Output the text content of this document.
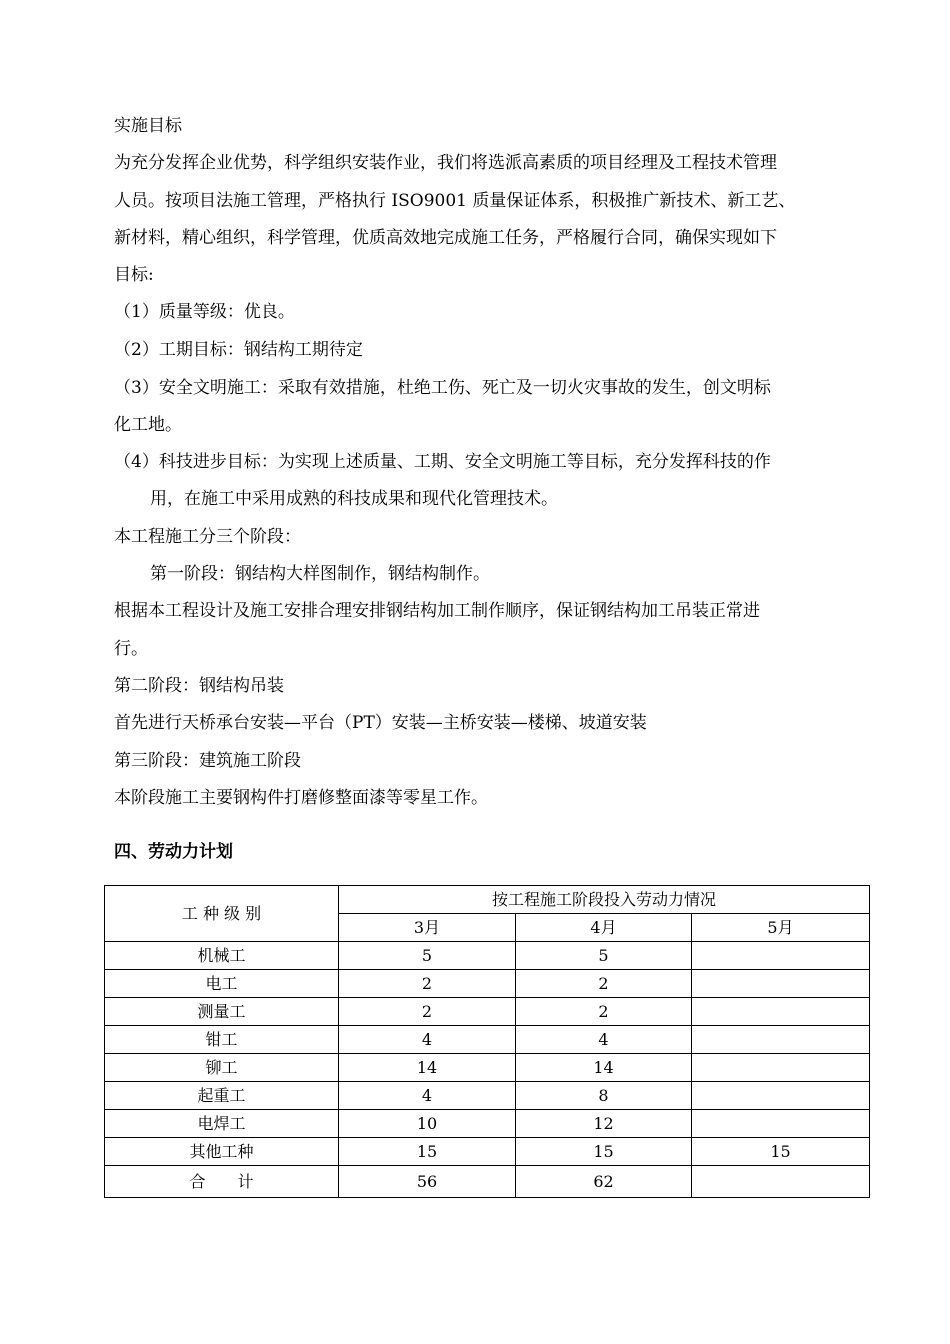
实施目标
为充分发挥企业优势，科学组织安装作业，我们将选派高素质的项目经理及工程技术管理
人员。按项目法施工管理，严格执行 ISO9001 质量保证体系，积极推广新技术、新工艺、
新材料，精心组织，科学管理，优质高效地完成施工任务，严格履行合同，确保实现如下
目标:
（1）质量等级：优良。
（2）工期目标：钢结构工期待定
（3）安全文明施工：采取有效措施，杜绝工伤、死亡及一切火灾事故的发生，创文明标
化工地。
（4）科技进步目标：为实现上述质量、工期、安全文明施工等目标，充分发挥科技的作
用，在施工中采用成熟的科技成果和现代化管理技术。
本工程施工分三个阶段：
第一阶段：钢结构大样图制作，钢结构制作。
根据本工程设计及施工安排合理安排钢结构加工制作顺序，保证钢结构加工吊装正常进
行。
第二阶段：钢结构吊装
首先进行天桥承台安装—平台（PT）安装—主桥安装—楼梯、坡道安装
第三阶段：建筑施工阶段
本阶段施工主要钢构件打磨修整面漆等零星工作。
四、劳动力计划
工 种 级 别	按工程施工阶段投入劳动力情况		
	3月	4月	5月
机械工	5	5	
电工	2	2	
测量工	2	2	
钳工	4	4	
铆工	14	14	
起重工	4	8	
电焊工	10	12	
其他工种	15	15	15
合　　计	56	62	
